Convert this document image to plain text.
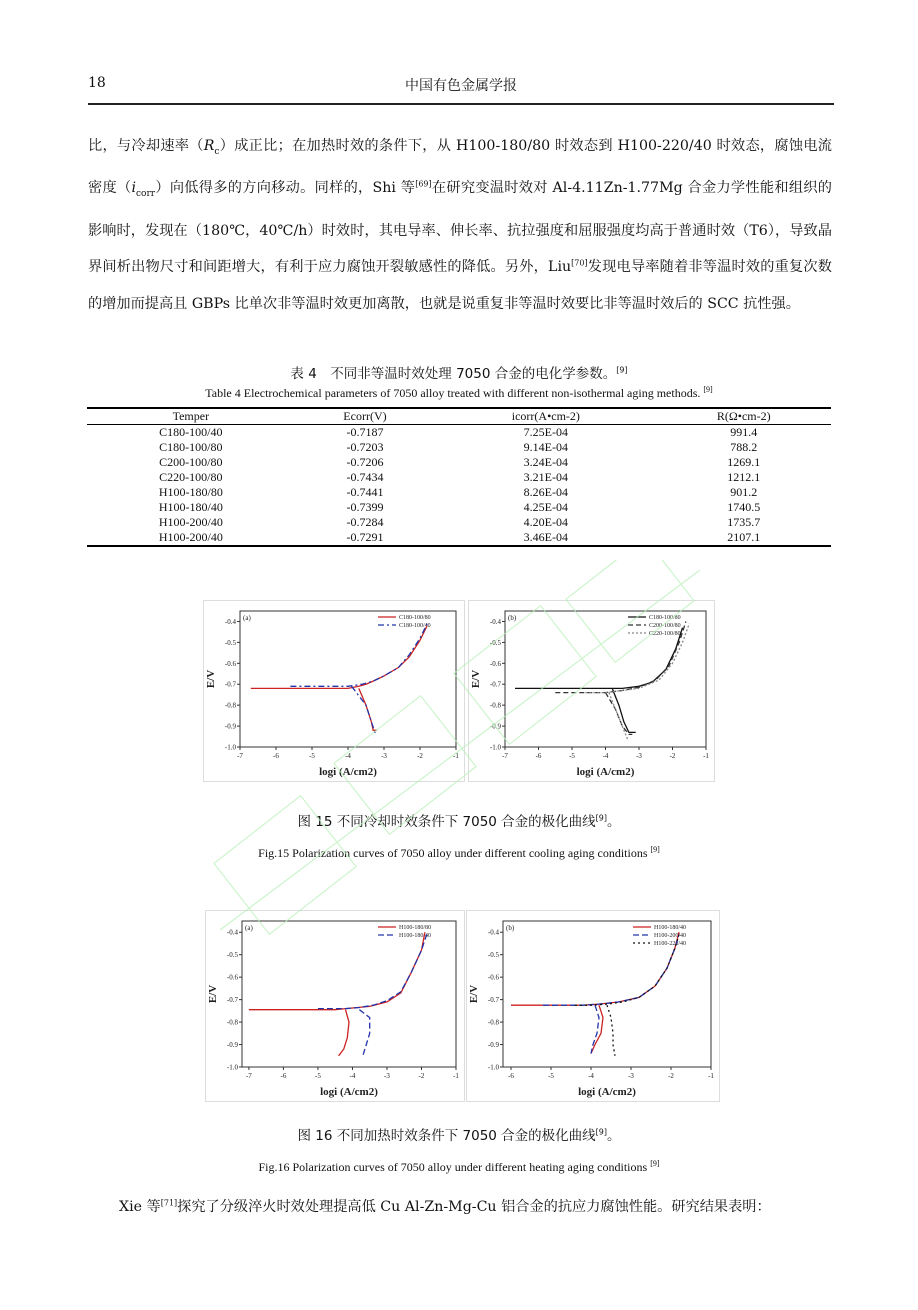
18	中国有色金属学报
比，与冷却速率$(R_c)$成正比；在加热时效的条件下，从 H100-180/80 时效态到 H100-220/40 时效态，腐蚀电流密度$(i_{corr})$向低得多的方向移动。同样的，Shi 等[69]在研究变温时效对 Al-4.11Zn-1.77Mg 合金力学性能和组织的影响时，发现在（180℃，40℃/h）时效时，其电导率、伸长率、抗拉强度和屈服强度均高于普通时效（T6），导致晶界间析出物尺寸和间距增大，有利于应力腐蚀开裂敏感性的降低。另外，Liu[70]发现电导率随着非等温时效的重复次数的增加而提高且 GBPs 比单次非等温时效更加离散，也就是说重复非等温时效要比非等温时效后的 SCC 抗性强。
表 4　不同非等温时效处理 7050 合金的电化学参数。[9]
Table 4 Electrochemical parameters of 7050 alloy treated with different non-isothermal aging methods. [9]
Temper	Ecorr(V)	icorr(A•cm-2)	R(Ω•cm-2)
C180-100/40	-0.7187	7.25E-04	991.4
C180-100/80	-0.7203	9.14E-04	788.2
C200-100/80	-0.7206	3.24E-04	1269.1
C220-100/80	-0.7434	3.21E-04	1212.1
H100-180/80	-0.7441	8.26E-04	901.2
H100-180/40	-0.7399	4.25E-04	1740.5
H100-200/40	-0.7284	4.20E-04	1735.7
H100-200/40	-0.7291	3.46E-04	2107.1
(a)
-7	-6	-5	-4	-3	-2	-1
-0.4
-0.5
-0.6
-0.7
-0.8
-0.9
-1.0
logi (A/cm2)
E/V
C180-100/80
C180-100/40
(b)
-7	-6	-5	-4	-3	-2	-1
-0.4
-0.5
-0.6
-0.7
-0.8
-0.9
-1.0
logi (A/cm2)
E/V
C180-100/80
C200-100/80
C220-100/80
图 15 不同冷却时效条件下 7050 合金的极化曲线[9]。
Fig.15 Polarization curves of 7050 alloy under different cooling aging conditions [9]
(a)
-7	-6	-5	-4	-3	-2	-1
-0.4
-0.5
-0.6
-0.7
-0.8
-0.9
-1.0
logi (A/cm2)
E/V
H100-180/80
H100-180/40
(b)
-6	-5	-4	-3	-2	-1
-0.4
-0.5
-0.6
-0.7
-0.8
-0.9
-1.0
logi (A/cm2)
E/V
H100-180/40
H100-200/40
H100-220/40
图 16 不同加热时效条件下 7050 合金的极化曲线[9]。
Fig.16 Polarization curves of 7050 alloy under different heating aging conditions [9]
Xie 等[71]探究了分级淬火时效处理提高低 Cu Al-Zn-Mg-Cu 铝合金的抗应力腐蚀性能。研究结果表明：
